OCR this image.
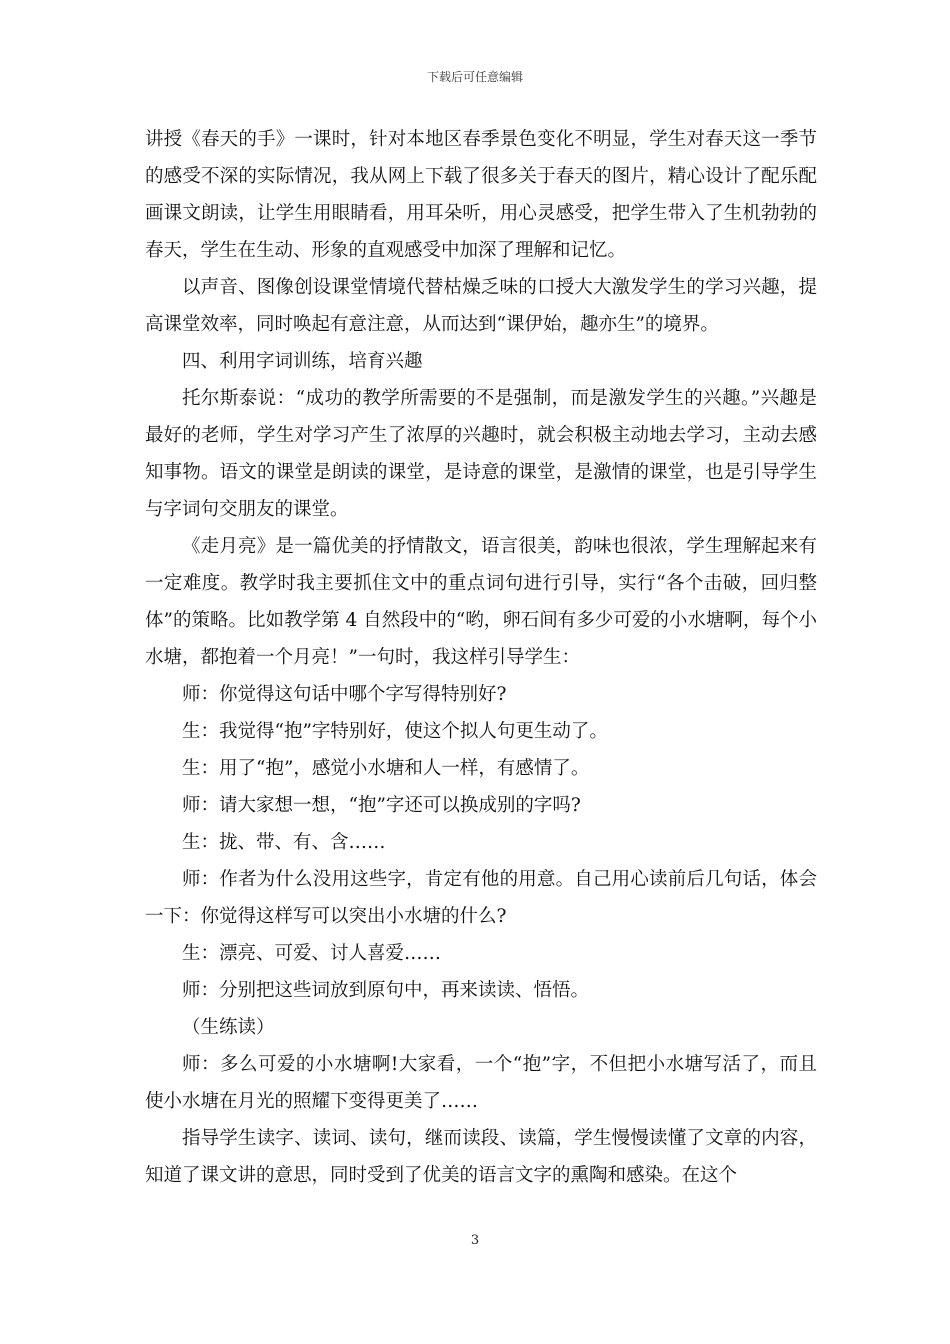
下载后可任意编辑

讲授《春天的手》一课时，针对本地区春季景色变化不明显，学生对春天这一季节的感受不深的实际情况，我从网上下载了很多关于春天的图片，精心设计了配乐配画课文朗读，让学生用眼睛看，用耳朵听，用心灵感受，把学生带入了生机勃勃的春天，学生在生动、形象的直观感受中加深了理解和记忆。

以声音、图像创设课堂情境代替枯燥乏味的口授大大激发学生的学习兴趣，提高课堂效率，同时唤起有意注意，从而达到“课伊始，趣亦生”的境界。

四、利用字词训练，培育兴趣

托尔斯泰说：“成功的教学所需要的不是强制，而是激发学生的兴趣。”兴趣是最好的老师，学生对学习产生了浓厚的兴趣时，就会积极主动地去学习，主动去感知事物。语文的课堂是朗读的课堂，是诗意的课堂，是激情的课堂，也是引导学生与字词句交朋友的课堂。

《走月亮》是一篇优美的抒情散文，语言很美，韵味也很浓，学生理解起来有一定难度。教学时我主要抓住文中的重点词句进行引导，实行“各个击破，回归整体”的策略。比如教学第 4 自然段中的“哟，卵石间有多少可爱的小水塘啊，每个小水塘，都抱着一个月亮！”一句时，我这样引导学生：

师：你觉得这句话中哪个字写得特别好?

生：我觉得“抱”字特别好，使这个拟人句更生动了。

生：用了“抱”，感觉小水塘和人一样，有感情了。

师：请大家想一想，“抱”字还可以换成别的字吗?

生：拢、带、有、含……

师：作者为什么没用这些字，肯定有他的用意。自己用心读前后几句话，体会一下：你觉得这样写可以突出小水塘的什么?

生：漂亮、可爱、讨人喜爱……

师：分别把这些词放到原句中，再来读读、悟悟。

（生练读）

师：多么可爱的小水塘啊!大家看，一个“抱”字，不但把小水塘写活了，而且使小水塘在月光的照耀下变得更美了……

指导学生读字、读词、读句，继而读段、读篇，学生慢慢读懂了文章的内容，知道了课文讲的意思，同时受到了优美的语言文字的熏陶和感染。在这个

3
